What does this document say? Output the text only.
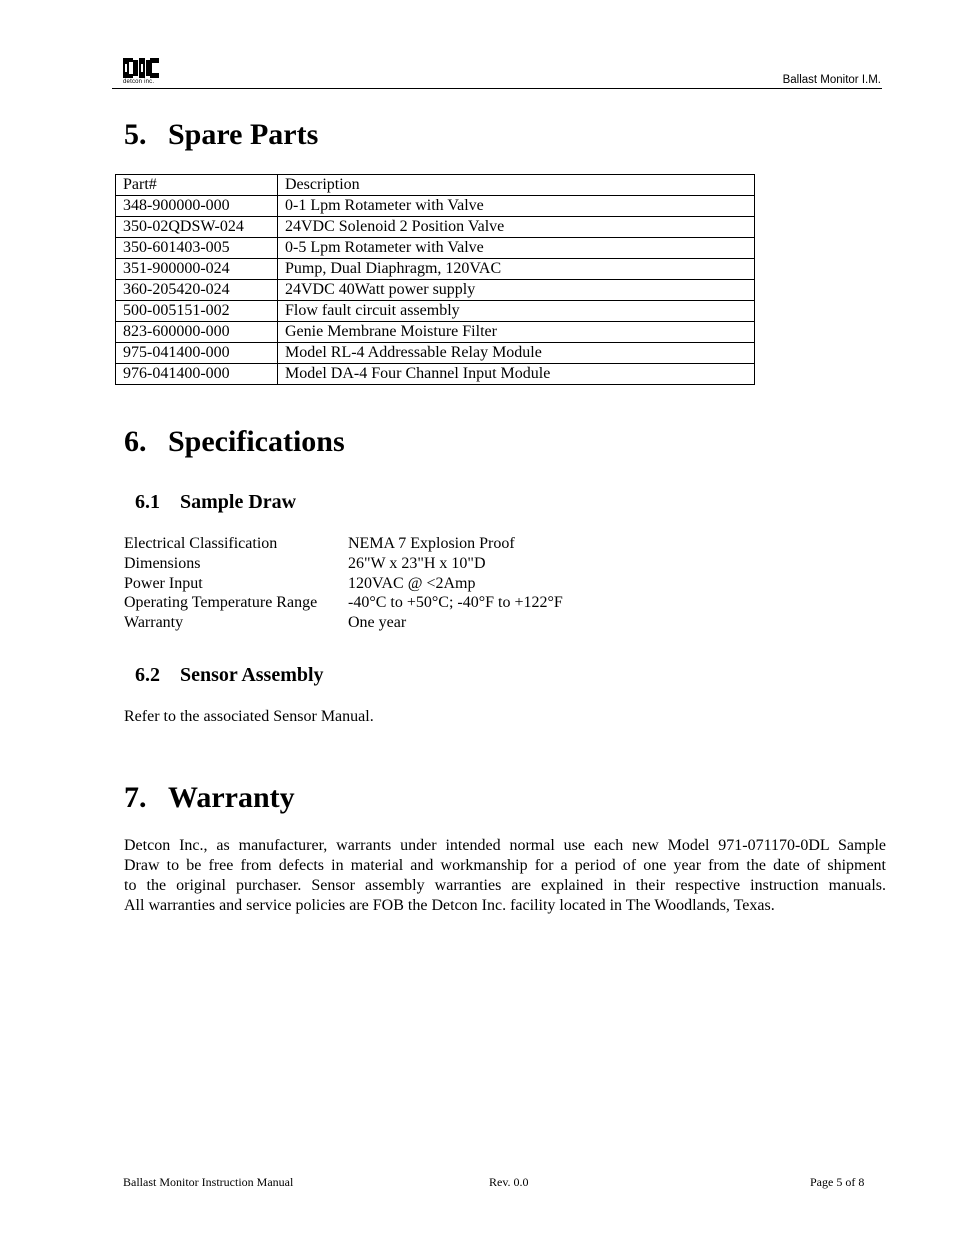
detcon inc.	Ballast Monitor I.M.
5. Spare Parts
Part#	Description
348-900000-000	0-1 Lpm Rotameter with Valve
350-02QDSW-024	24VDC Solenoid 2 Position Valve
350-601403-005	0-5 Lpm Rotameter with Valve
351-900000-024	Pump, Dual Diaphragm, 120VAC
360-205420-024	24VDC 40Watt power supply
500-005151-002	Flow fault circuit assembly
823-600000-000	Genie Membrane Moisture Filter
975-041400-000	Model RL-4 Addressable Relay Module
976-041400-000	Model DA-4 Four Channel Input Module
6. Specifications
6.1 Sample Draw
Electrical Classification	NEMA 7 Explosion Proof
Dimensions	26"W x 23"H x 10"D
Power Input	120VAC @ <2Amp
Operating Temperature Range	-40°C to +50°C; -40°F to +122°F
Warranty	One year
6.2 Sensor Assembly
Refer to the associated Sensor Manual.
7. Warranty
Detcon Inc., as manufacturer, warrants under intended normal use each new Model 971-071170-0DL Sample
Draw to be free from defects in material and workmanship for a period of one year from the date of shipment
to the original purchaser. Sensor assembly warranties are explained in their respective instruction manuals.
All warranties and service policies are FOB the Detcon Inc. facility located in The Woodlands, Texas.
Ballast Monitor Instruction Manual	Rev. 0.0	Page 5 of 8
